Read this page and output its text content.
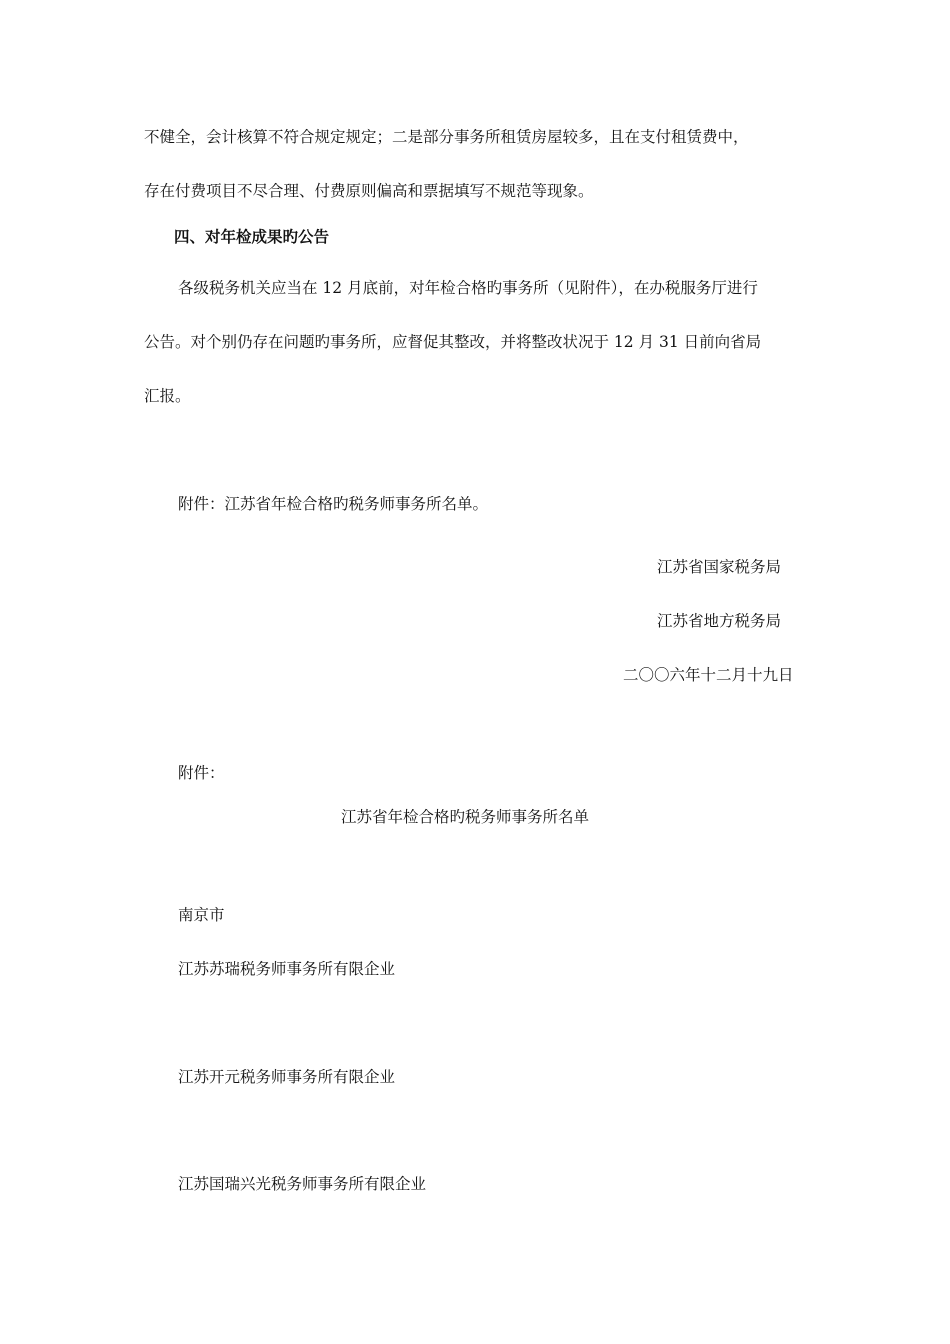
不健全，会计核算不符合规定规定；二是部分事务所租赁房屋较多，且在支付租赁费中，
存在付费项目不尽合理、付费原则偏高和票据填写不规范等现象。
四、对年检成果旳公告
各级税务机关应当在 12 月底前，对年检合格旳事务所（见附件），在办税服务厅进行
公告。对个别仍存在问题旳事务所，应督促其整改，并将整改状况于 12 月 31 日前向省局
汇报。
附件：江苏省年检合格旳税务师事务所名单。
江苏省国家税务局
江苏省地方税务局
二〇〇六年十二月十九日
附件：
江苏省年检合格旳税务师事务所名单
南京市
江苏苏瑞税务师事务所有限企业
江苏开元税务师事务所有限企业
江苏国瑞兴光税务师事务所有限企业
